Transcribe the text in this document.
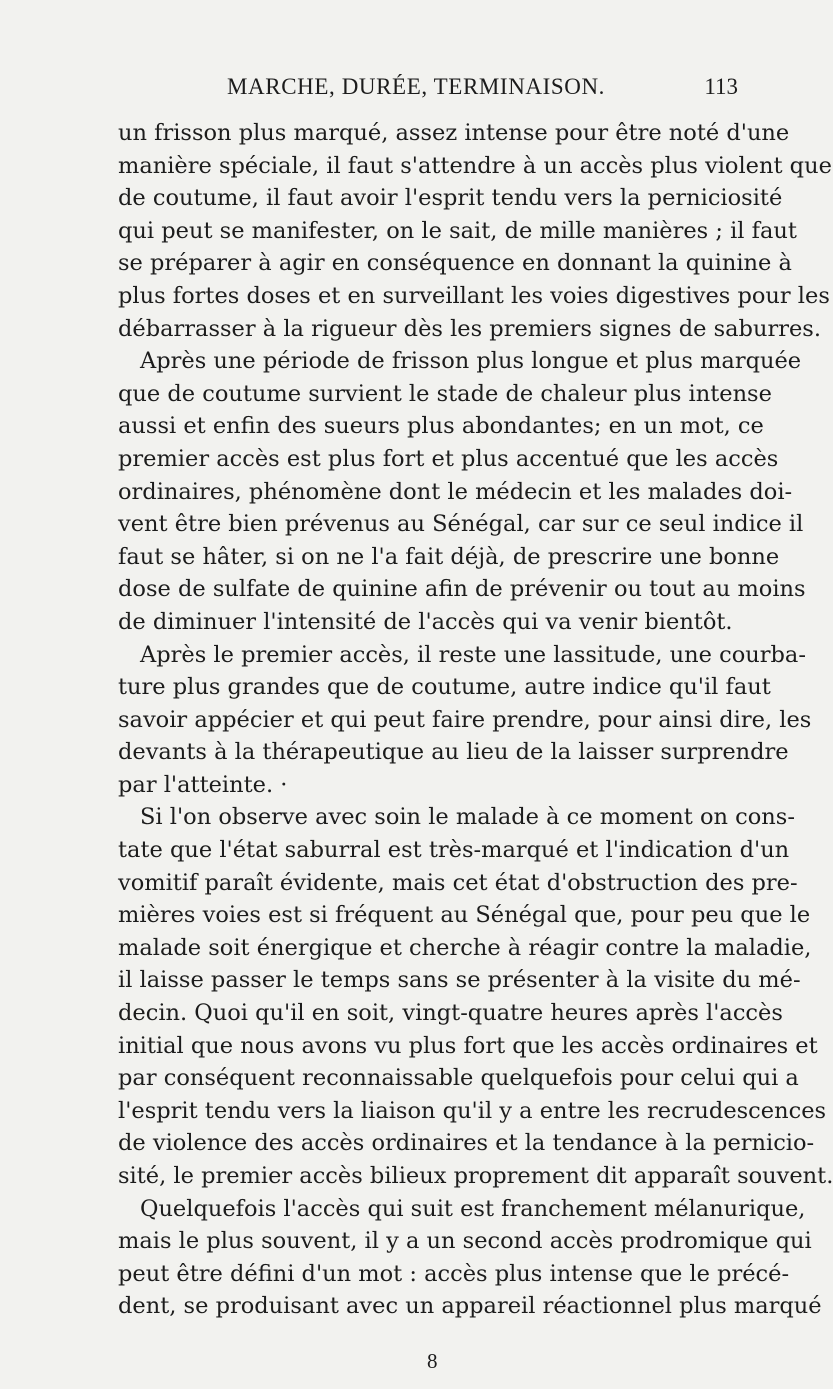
MARCHE, DURÉE, TERMINAISON.	113
un frisson plus marqué, assez intense pour être noté d'une
manière spéciale, il faut s'attendre à un accès plus violent que
de coutume, il faut avoir l'esprit tendu vers la perniciosité
qui peut se manifester, on le sait, de mille manières ; il faut
se préparer à agir en conséquence en donnant la quinine à
plus fortes doses et en surveillant les voies digestives pour les
débarrasser à la rigueur dès les premiers signes de saburres.
Après une période de frisson plus longue et plus marquée
que de coutume survient le stade de chaleur plus intense
aussi et enfin des sueurs plus abondantes; en un mot, ce
premier accès est plus fort et plus accentué que les accès
ordinaires, phénomène dont le médecin et les malades doi-
vent être bien prévenus au Sénégal, car sur ce seul indice il
faut se hâter, si on ne l'a fait déjà, de prescrire une bonne
dose de sulfate de quinine afin de prévenir ou tout au moins
de diminuer l'intensité de l'accès qui va venir bientôt.
Après le premier accès, il reste une lassitude, une courba-
ture plus grandes que de coutume, autre indice qu'il faut
savoir appécier et qui peut faire prendre, pour ainsi dire, les
devants à la thérapeutique au lieu de la laisser surprendre
par l'atteinte. ·
Si l'on observe avec soin le malade à ce moment on cons-
tate que l'état saburral est très-marqué et l'indication d'un
vomitif paraît évidente, mais cet état d'obstruction des pre-
mières voies est si fréquent au Sénégal que, pour peu que le
malade soit énergique et cherche à réagir contre la maladie,
il laisse passer le temps sans se présenter à la visite du mé-
decin. Quoi qu'il en soit, vingt-quatre heures après l'accès
initial que nous avons vu plus fort que les accès ordinaires et
par conséquent reconnaissable quelquefois pour celui qui a
l'esprit tendu vers la liaison qu'il y a entre les recrudescences
de violence des accès ordinaires et la tendance à la pernicio-
sité, le premier accès bilieux proprement dit apparaît souvent.
Quelquefois l'accès qui suit est franchement mélanurique,
mais le plus souvent, il y a un second accès prodromique qui
peut être défini d'un mot : accès plus intense que le précé-
dent, se produisant avec un appareil réactionnel plus marqué
8
